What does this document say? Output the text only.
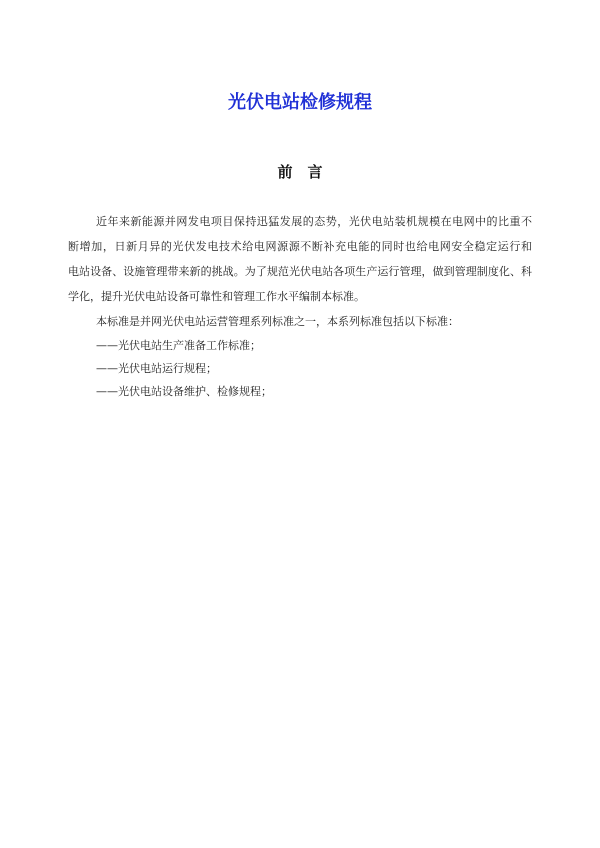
光伏电站检修规程
前　言
近年来新能源并网发电项目保持迅猛发展的态势，光伏电站装机规模在电网中的比重不
断增加，日新月异的光伏发电技术给电网源源不断补充电能的同时也给电网安全稳定运行和
电站设备、设施管理带来新的挑战。为了规范光伏电站各项生产运行管理，做到管理制度化、科
学化，提升光伏电站设备可靠性和管理工作水平编制本标准。
本标准是并网光伏电站运营管理系列标准之一，本系列标准包括以下标准：
——光伏电站生产准备工作标准；
——光伏电站运行规程；
——光伏电站设备维护、检修规程；
